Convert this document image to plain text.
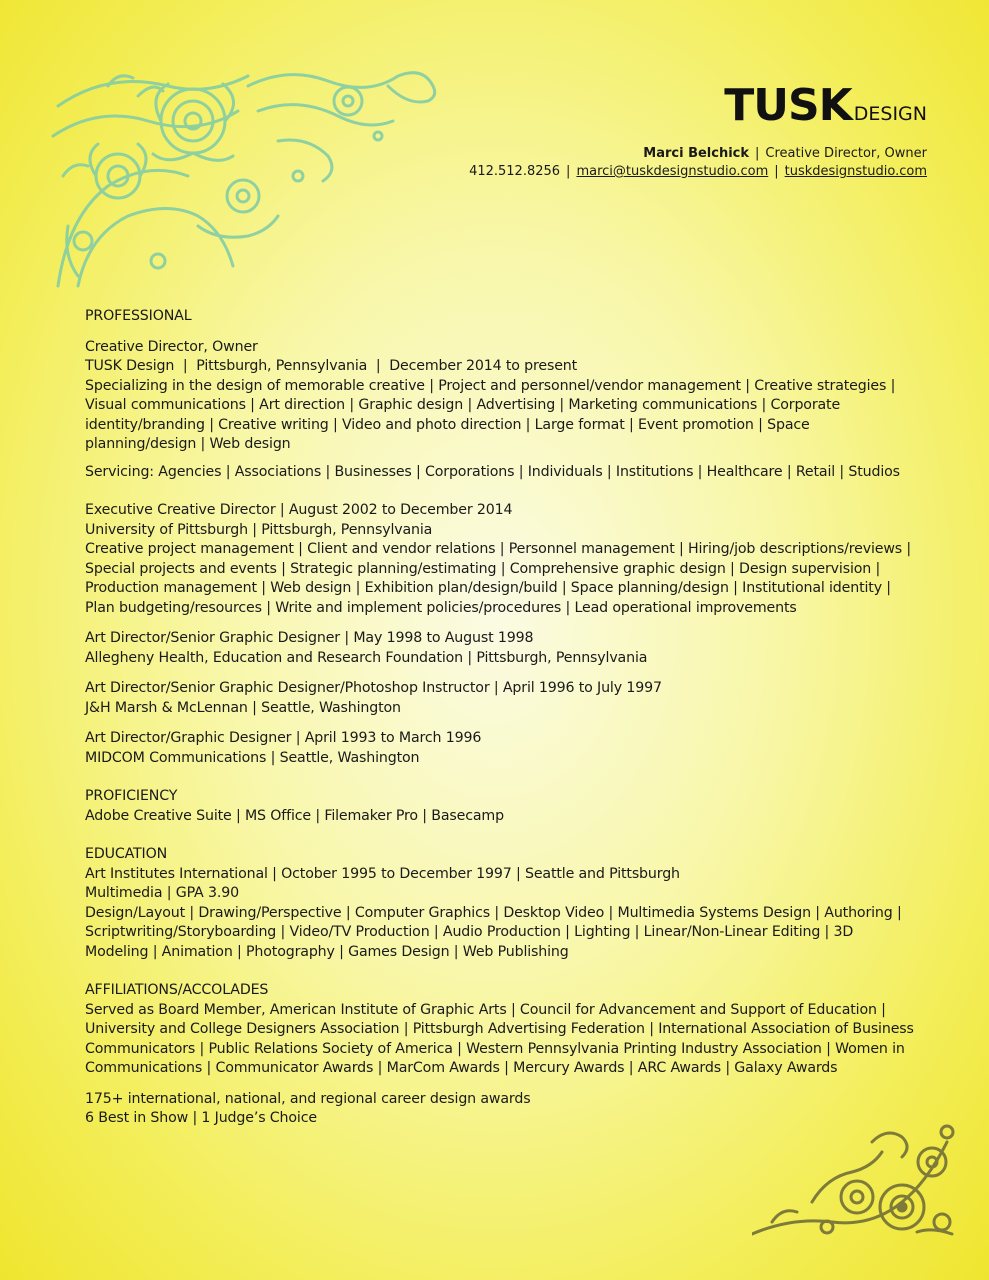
TUSK DESIGN
Marci Belchick | Creative Director, Owner
412.512.8256 | marci@tuskdesignstudio.com | tuskdesignstudio.com

PROFESSIONAL

Creative Director, Owner

TUSK Design  |  Pittsburgh, Pennsylvania  |  December 2014 to present

Specializing in the design of memorable creative | Project and personnel/vendor management | Creative strategies | Visual communications | Art direction | Graphic design | Advertising | Marketing communications | Corporate identity/branding | Creative writing | Video and photo direction | Large format | Event promotion | Space planning/design | Web design

Servicing: Agencies | Associations | Businesses | Corporations | Individuals | Institutions | Healthcare | Retail | Studios

Executive Creative Director | August 2002 to December 2014

University of Pittsburgh | Pittsburgh, Pennsylvania

Creative project management | Client and vendor relations | Personnel management | Hiring/job descriptions/reviews | Special projects and events | Strategic planning/estimating | Comprehensive graphic design | Design supervision | Production management | Web design | Exhibition plan/design/build | Space planning/design | Institutional identity | Plan budgeting/resources | Write and implement policies/procedures | Lead operational improvements

Art Director/Senior Graphic Designer | May 1998 to August 1998

Allegheny Health, Education and Research Foundation | Pittsburgh, Pennsylvania

Art Director/Senior Graphic Designer/Photoshop Instructor | April 1996 to July 1997

J&H Marsh & McLennan | Seattle, Washington

Art Director/Graphic Designer | April 1993 to March 1996

MIDCOM Communications | Seattle, Washington

PROFICIENCY

Adobe Creative Suite | MS Office | Filemaker Pro | Basecamp

EDUCATION

Art Institutes International | October 1995 to December 1997 | Seattle and Pittsburgh

Multimedia | GPA 3.90

Design/Layout | Drawing/Perspective | Computer Graphics | Desktop Video | Multimedia Systems Design | Authoring | Scriptwriting/Storyboarding | Video/TV Production | Audio Production | Lighting | Linear/Non-Linear Editing | 3D Modeling | Animation | Photography | Games Design | Web Publishing

AFFILIATIONS/ACCOLADES

Served as Board Member, American Institute of Graphic Arts | Council for Advancement and Support of Education | University and College Designers Association | Pittsburgh Advertising Federation | International Association of Business Communicators | Public Relations Society of America | Western Pennsylvania Printing Industry Association | Women in Communications | Communicator Awards | MarCom Awards | Mercury Awards | ARC Awards | Galaxy Awards

175+ international, national, and regional career design awards

6 Best in Show | 1 Judge’s Choice
